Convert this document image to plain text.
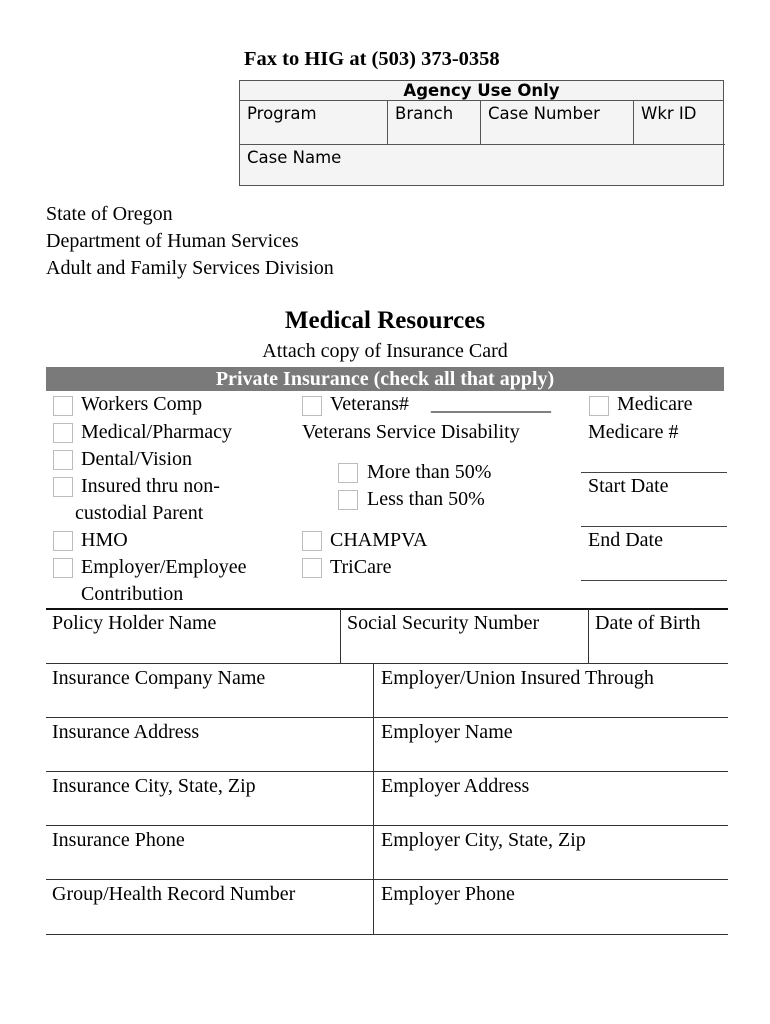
Fax to HIG at (503) 373-0358
Agency Use Only
Program	Branch	Case Number	Wkr ID
Case Name
State of Oregon
Department of Human Services
Adult and Family Services Division
Medical Resources
Attach copy of Insurance Card
Private Insurance (check all that apply)
Workers Comp
Medical/Pharmacy
Dental/Vision
Insured thru non-
custodial Parent
HMO
Employer/Employee
Contribution
Veterans# ____________
Veterans Service Disability
More than 50%
Less than 50%
CHAMPVA
TriCare
Medicare
Medicare #
Start Date
End Date
Policy Holder Name	Social Security Number	Date of Birth
Insurance Company Name	Employer/Union Insured Through
Insurance Address	Employer Name
Insurance City, State, Zip	Employer Address
Insurance Phone	Employer City, State, Zip
Group/Health Record Number	Employer Phone
